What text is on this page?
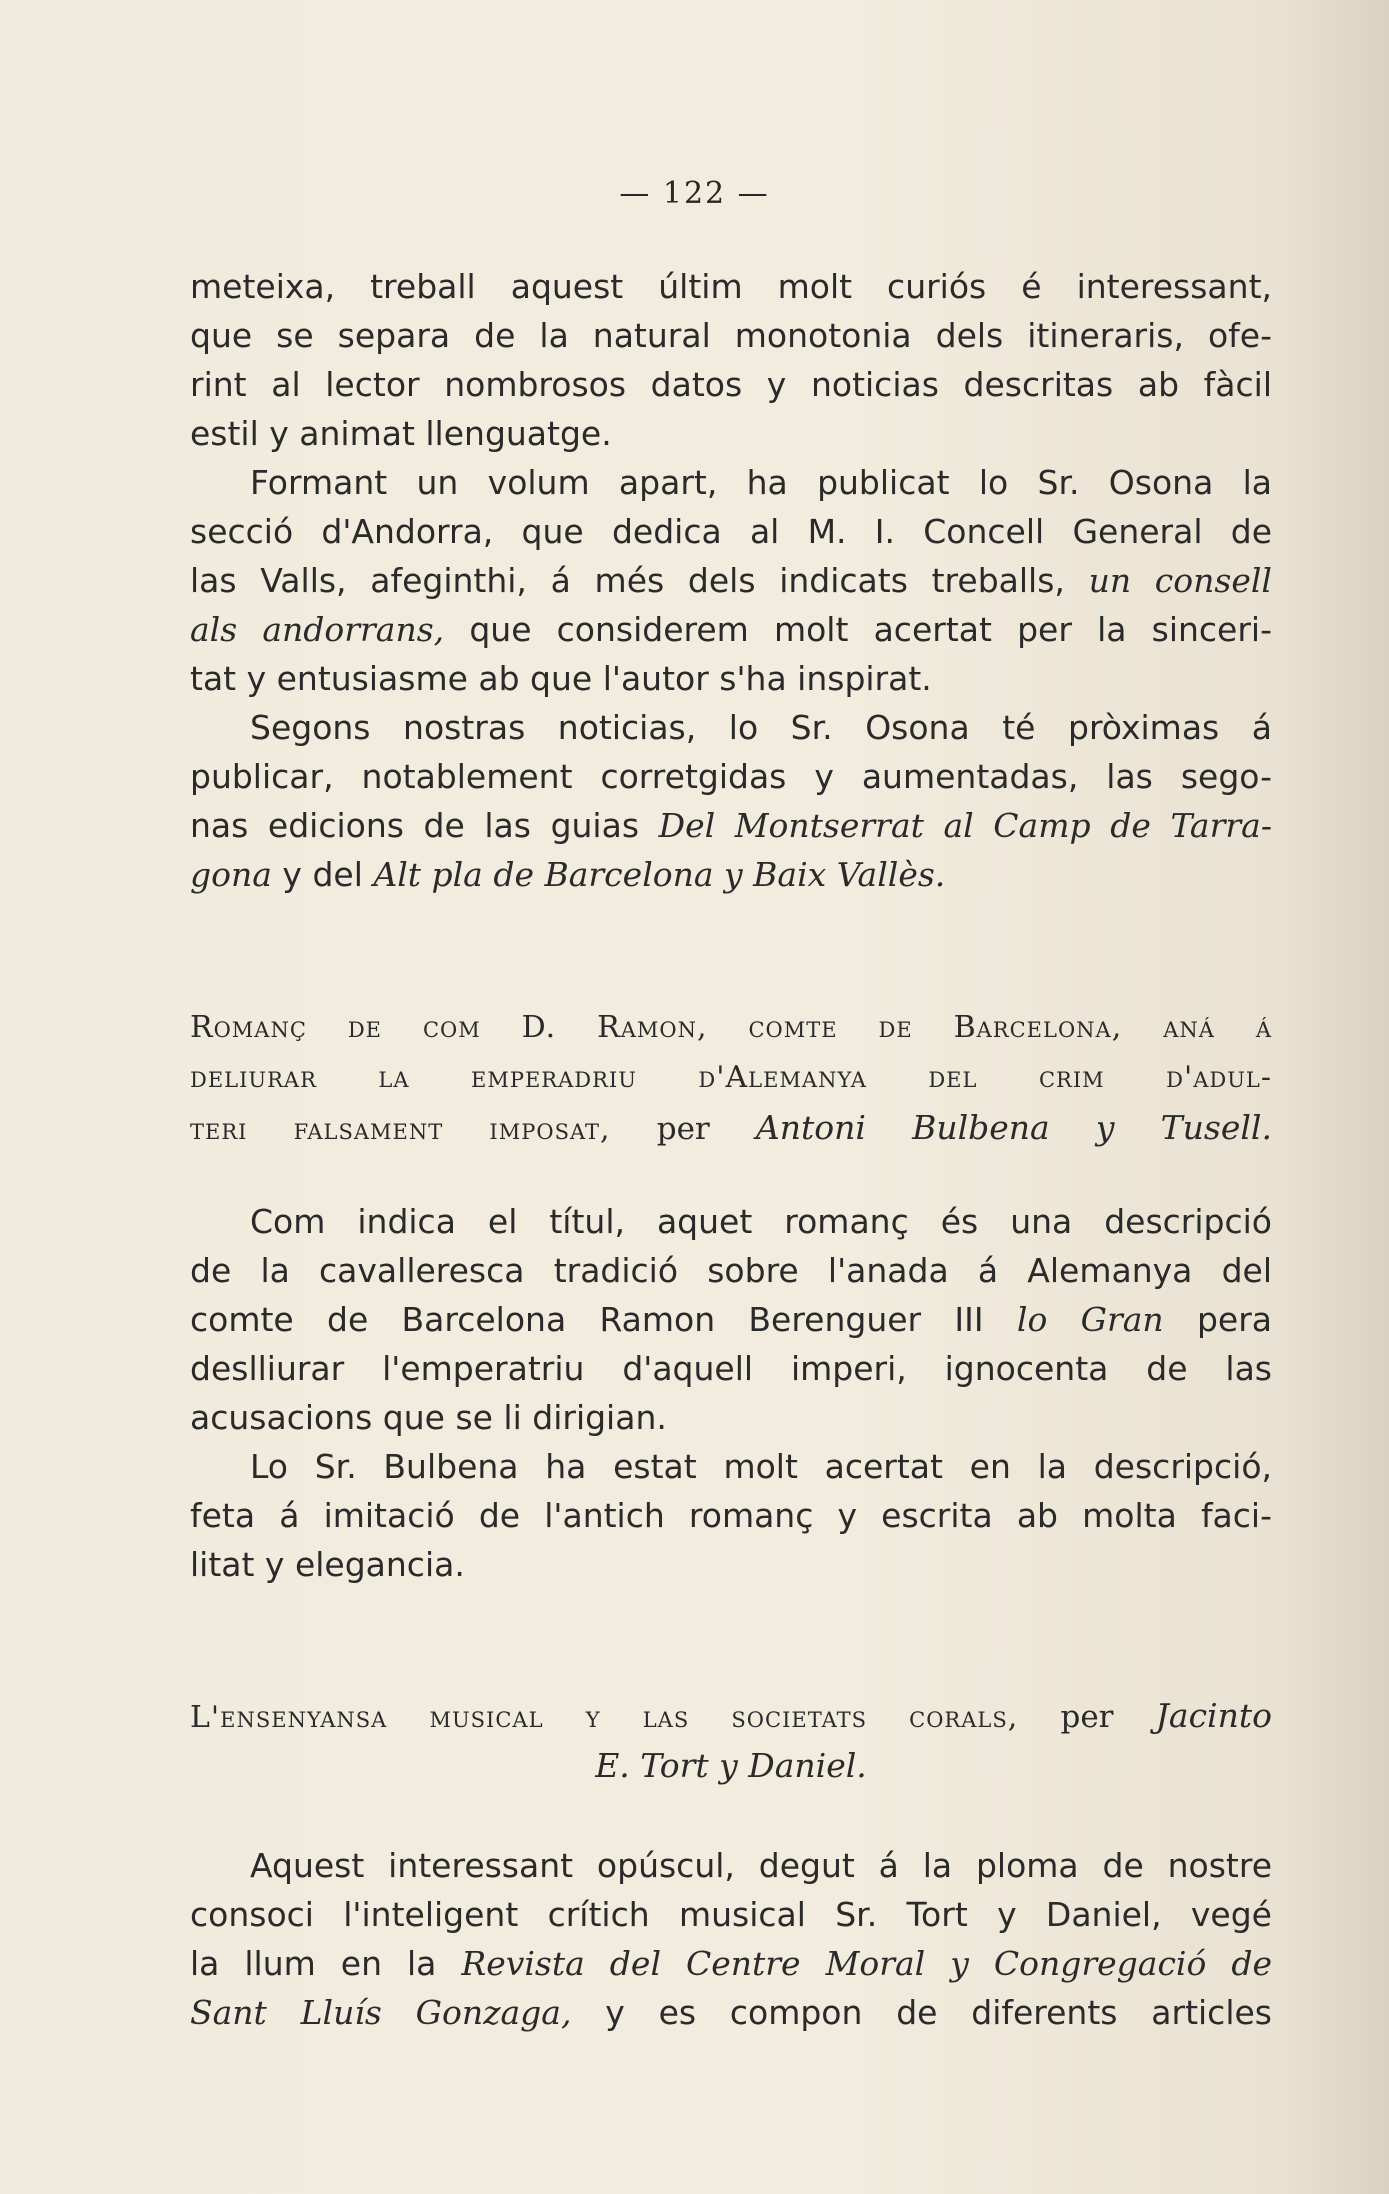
— 122 —

meteixa, treball aquest últim molt curiós é interessant,

que se separa de la natural monotonia dels itineraris, ofe-

rint al lector nombrosos datos y noticias descritas ab fàcil

estil y animat llenguatge.

Formant un volum apart, ha publicat lo Sr. Osona la

secció d'Andorra, que dedica al M. I. Concell General de

las Valls, afeginthi, á més dels indicats treballs, un consell

als andorrans, que considerem molt acertat per la sinceri-

tat y entusiasme ab que l'autor s'ha inspirat.

Segons nostras noticias, lo Sr. Osona té pròximas á

publicar, notablement corretgidas y aumentadas, las sego-

nas edicions de las guias Del Montserrat al Camp de Tarra-

gona y del Alt pla de Barcelona y Baix Vallès.

Romanç de com D. Ramon, comte de Barcelona, aná á
deliurar la emperadriu d'Alemanya del crim d'adul-
teri falsament imposat, per Antoni Bulbena y Tusell.

Com indica el títul, aquet romanç és una descripció

de la cavalleresca tradició sobre l'anada á Alemanya del

comte de Barcelona Ramon Berenguer III lo Gran pera

deslliurar l'emperatriu d'aquell imperi, ignocenta de las

acusacions que se li dirigian.

Lo Sr. Bulbena ha estat molt acertat en la descripció,

feta á imitació de l'antich romanç y escrita ab molta faci-

litat y elegancia.

L'ensenyansa musical y las societats corals, per Jacinto
E. Tort y Daniel.

Aquest interessant opúscul, degut á la ploma de nostre

consoci l'inteligent crítich musical Sr. Tort y Daniel, vegé

la llum en la Revista del Centre Moral y Congregació de

Sant Lluís Gonzaga, y es compon de diferents articles
